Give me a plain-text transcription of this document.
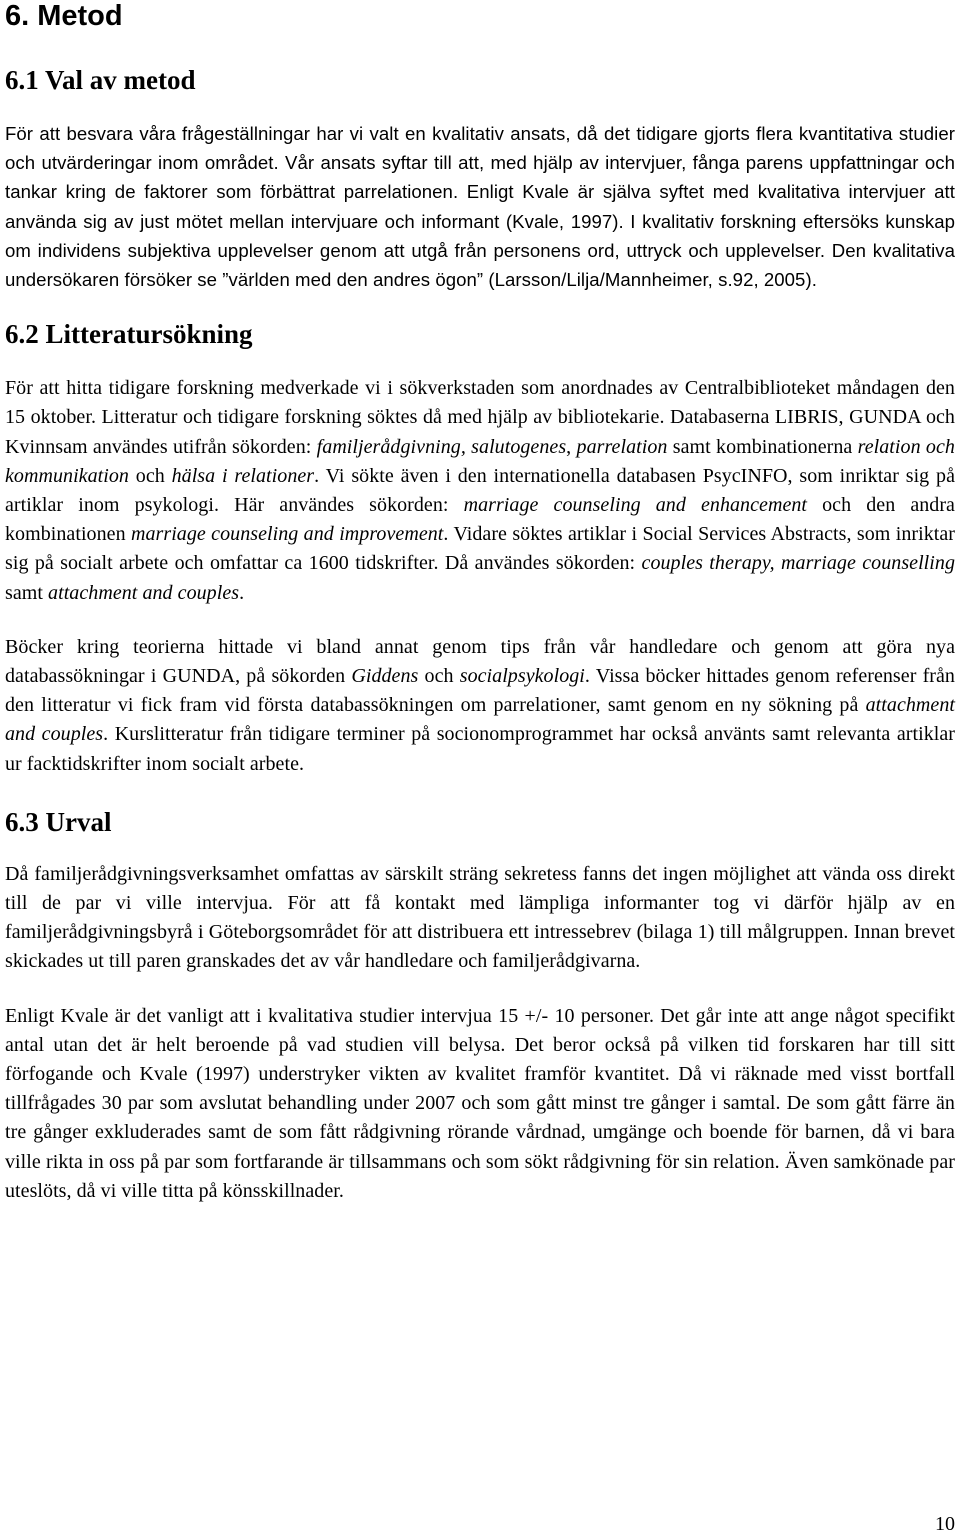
6. Metod
6.1 Val av metod

För att besvara våra frågeställningar har vi valt en kvalitativ ansats, då det tidigare gjorts flera kvantitativa studier och utvärderingar inom området. Vår ansats syftar till att, med hjälp av intervjuer, fånga parens uppfattningar och tankar kring de faktorer som förbättrat parrelationen. Enligt Kvale är själva syftet med kvalitativa intervjuer att använda sig av just mötet mellan intervjuare och informant (Kvale, 1997). I kvalitativ forskning eftersöks kunskap om individens subjektiva upplevelser genom att utgå från personens ord, uttryck och upplevelser. Den kvalitativa undersökaren försöker se ”världen med den andres ögon” (Larsson/Lilja/Mannheimer, s.92, 2005).

6.2 Litteratursökning

För att hitta tidigare forskning medverkade vi i sökverkstaden som anordnades av Centralbiblioteket måndagen den 15 oktober. Litteratur och tidigare forskning söktes då med hjälp av bibliotekarie. Databaserna LIBRIS, GUNDA och Kvinnsam användes utifrån sökorden: familjerådgivning, salutogenes, parrelation samt kombinationerna relation och kommunikation och hälsa i relationer. Vi sökte även i den internationella databasen PsycINFO, som inriktar sig på artiklar inom psykologi. Här användes sökorden: marriage counseling and enhancement och den andra kombinationen marriage counseling and improvement. Vidare söktes artiklar i Social Services Abstracts, som inriktar sig på socialt arbete och omfattar ca 1600 tidskrifter. Då användes sökorden: couples therapy, marriage counselling samt attachment and couples.

Böcker kring teorierna hittade vi bland annat genom tips från vår handledare och genom att göra nya databassökningar i GUNDA, på sökorden Giddens och socialpsykologi. Vissa böcker hittades genom referenser från den litteratur vi fick fram vid första databassökningen om parrelationer, samt genom en ny sökning på attachment and couples. Kurslitteratur från tidigare terminer på socionomprogrammet har också använts samt relevanta artiklar ur facktidskrifter inom socialt arbete.

6.3 Urval

Då familjerådgivningsverksamhet omfattas av särskilt sträng sekretess fanns det ingen möjlighet att vända oss direkt till de par vi ville intervjua. För att få kontakt med lämpliga informanter tog vi därför hjälp av en familjerådgivningsbyrå i Göteborgsområdet för att distribuera ett intressebrev (bilaga 1) till målgruppen. Innan brevet skickades ut till paren granskades det av vår handledare och familjerådgivarna.

Enligt Kvale är det vanligt att i kvalitativa studier intervjua 15 +/- 10 personer. Det går inte att ange något specifikt antal utan det är helt beroende på vad studien vill belysa. Det beror också på vilken tid forskaren har till sitt förfogande och Kvale (1997) understryker vikten av kvalitet framför kvantitet. Då vi räknade med visst bortfall tillfrågades 30 par som avslutat behandling under 2007 och som gått minst tre gånger i samtal. De som gått färre än tre gånger exkluderades samt de som fått rådgivning rörande vårdnad, umgänge och boende för barnen, då vi bara ville rikta in oss på par som fortfarande är tillsammans och som sökt rådgivning för sin relation. Även samkönade par uteslöts, då vi ville titta på könsskillnader.

10
